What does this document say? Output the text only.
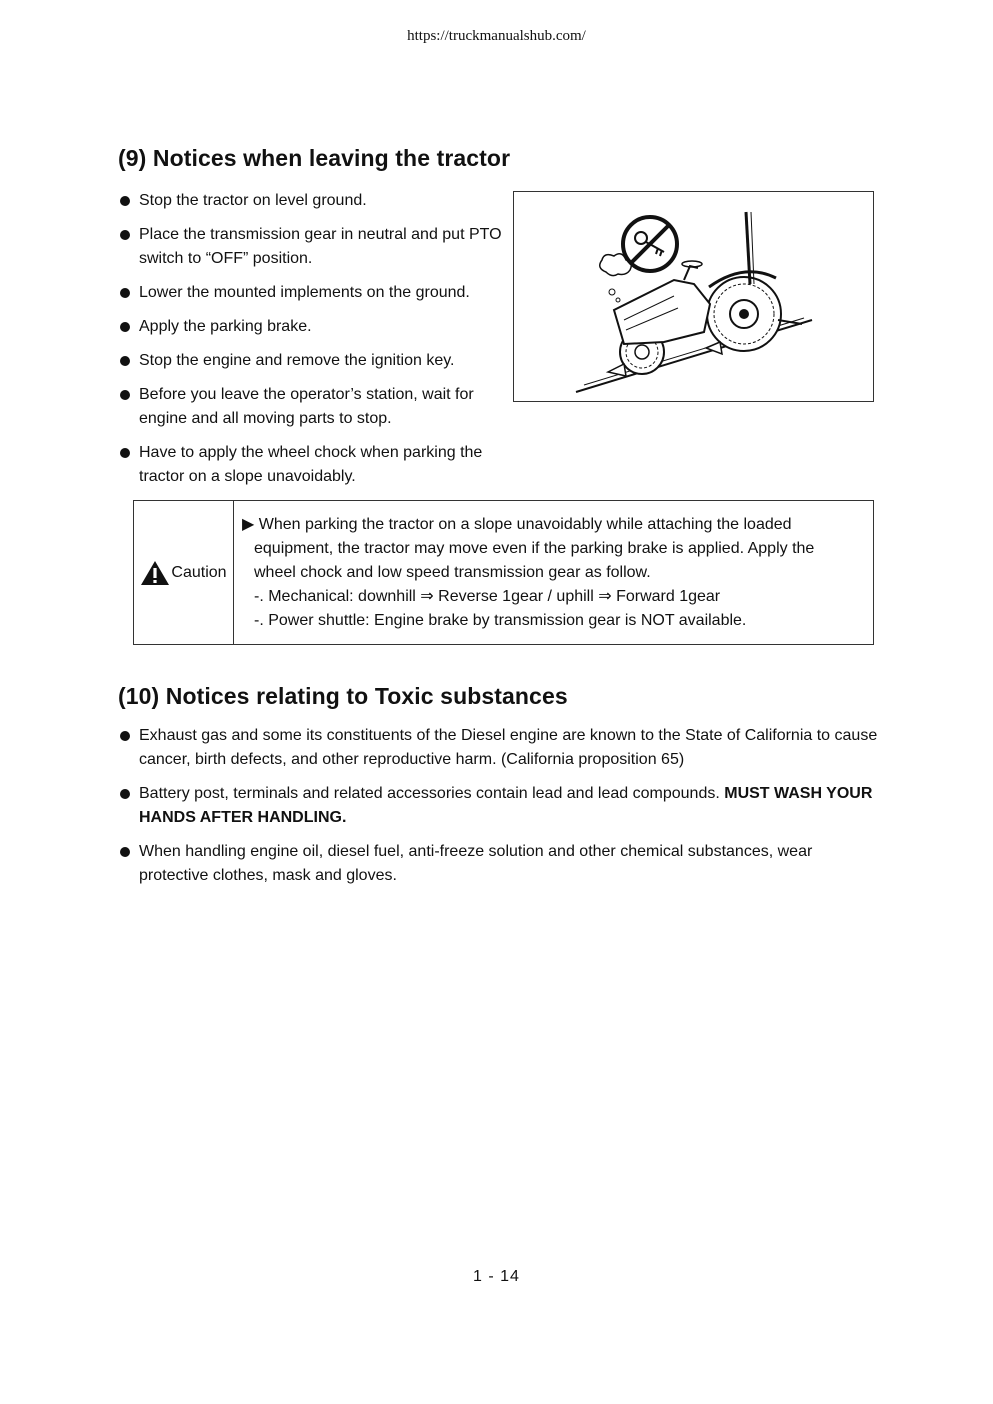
https://truckmanualshub.com/
(9) Notices when leaving the tractor
Stop the tractor on level ground.
Place the transmission gear in neutral and put PTO switch to “OFF” position.
Lower the mounted implements on the ground.
Apply the parking brake.
Stop the engine and remove the ignition key.
Before you leave the operator’s station, wait for engine and all moving parts to stop.
Have to apply the wheel chock when parking the tractor on a slope unavoidably.
Caution
▶ When parking the tractor on a slope unavoidably while attaching the loaded
equipment, the tractor may move even if the parking brake is applied. Apply the
wheel chock and low speed transmission gear as follow.
-. Mechanical: downhill ⇒ Reverse 1gear / uphill ⇒ Forward 1gear
-. Power shuttle: Engine brake by transmission gear is NOT available.
(10) Notices relating to Toxic substances
Exhaust gas and some its constituents of the Diesel engine are known to the State of California to cause cancer, birth defects, and other reproductive harm. (California proposition 65)
Battery post, terminals and related accessories contain lead and lead compounds. MUST WASH YOUR HANDS AFTER HANDLING.
When handling engine oil, diesel fuel, anti-freeze solution and other chemical substances, wear protective clothes, mask and gloves.
1 - 14
